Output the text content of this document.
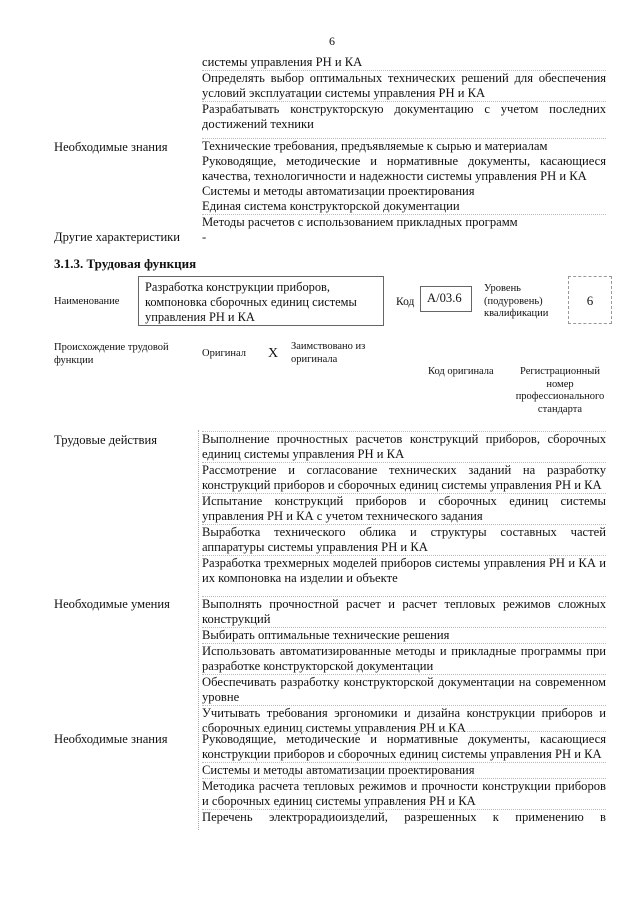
6
системы управления РН и КА
Определять выбор оптимальных технических решений для обеспечения условий эксплуатации системы управления РН и КА
Разрабатывать конструкторскую документацию с учетом последних достижений техники
Необходимые знания	Технические требования, предъявляемые к сырью и материалам
Руководящие, методические и нормативные документы, касающиеся качества, технологичности и надежности системы управления РН и КА
Системы и методы автоматизации проектирования
Единая система конструкторской документации
Методы расчетов с использованием прикладных программ
Другие характеристики	-
3.1.3. Трудовая функция
Наименование
Разработка конструкции приборов, компоновка сборочных единиц системы управления РН и КА
Код	А/03.6
Уровень (подуровень) квалификации
6
Происхождение трудовой функции
Оригинал X Заимствовано из оригинала
Код оригинала	Регистрационный номер профессионального стандарта
Трудовые действия	Выполнение прочностных расчетов конструкций приборов, сборочных единиц системы управления РН и КА
Рассмотрение и согласование технических заданий на разработку конструкций приборов и сборочных единиц системы управления РН и КА
Испытание конструкций приборов и сборочных единиц системы управления РН и КА с учетом технического задания
Выработка технического облика и структуры составных частей аппаратуры системы управления РН и КА
Разработка трехмерных моделей приборов системы управления РН и КА и их компоновка на изделии и объекте
Необходимые умения	Выполнять прочностной расчет и расчет тепловых режимов сложных конструкций
Выбирать оптимальные технические решения
Использовать автоматизированные методы и прикладные программы при разработке конструкторской документации
Обеспечивать разработку конструкторской документации на современном уровне
Учитывать требования эргономики и дизайна конструкции приборов и сборочных единиц системы управления РН и КА
Необходимые знания	Руководящие, методические и нормативные документы, касающиеся конструкции приборов и сборочных единиц системы управления РН и КА
Системы и методы автоматизации проектирования
Методика расчета тепловых режимов и прочности конструкции приборов и сборочных единиц системы управления РН и КА
Перечень электрорадиоизделий, разрешенных к применению в
